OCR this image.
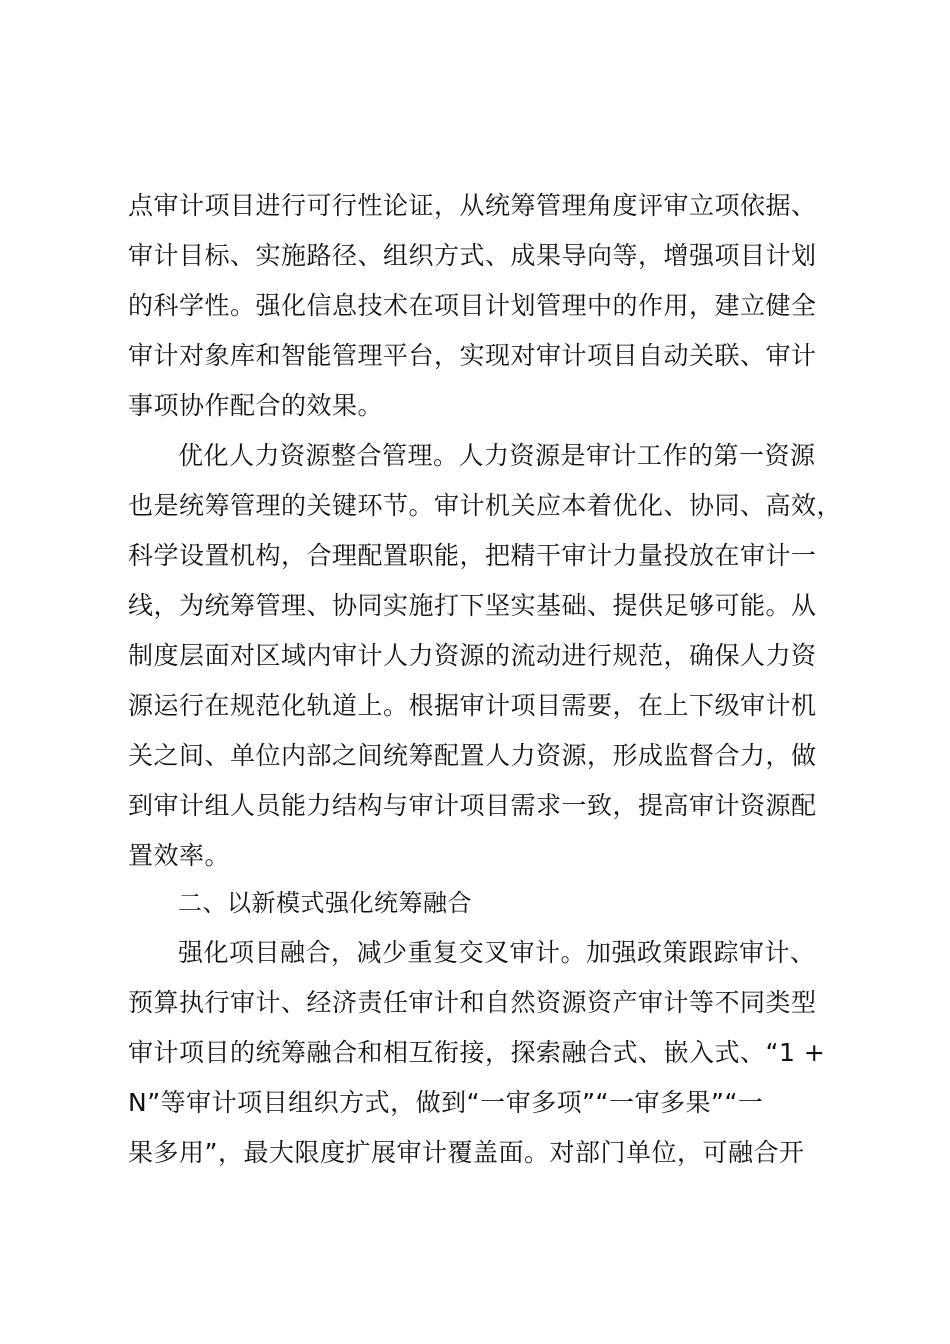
点审计项目进行可行性论证，从统筹管理角度评审立项依据、
审计目标、实施路径、组织方式、成果导向等，增强项目计划
的科学性。强化信息技术在项目计划管理中的作用，建立健全
审计对象库和智能管理平台，实现对审计项目自动关联、审计
事项协作配合的效果。
优化人力资源整合管理。人力资源是审计工作的第一资源
也是统筹管理的关键环节。审计机关应本着优化、协同、高效，
科学设置机构，合理配置职能，把精干审计力量投放在审计一
线，为统筹管理、协同实施打下坚实基础、提供足够可能。从
制度层面对区域内审计人力资源的流动进行规范，确保人力资
源运行在规范化轨道上。根据审计项目需要，在上下级审计机
关之间、单位内部之间统筹配置人力资源，形成监督合力，做
到审计组人员能力结构与审计项目需求一致，提高审计资源配
置效率。
二、以新模式强化统筹融合
强化项目融合，减少重复交叉审计。加强政策跟踪审计、
预算执行审计、经济责任审计和自然资源资产审计等不同类型
审计项目的统筹融合和相互衔接，探索融合式、嵌入式、“1 +
N”等审计项目组织方式，做到“一审多项”“一审多果”“一
果多用”，最大限度扩展审计覆盖面。对部门单位，可融合开
